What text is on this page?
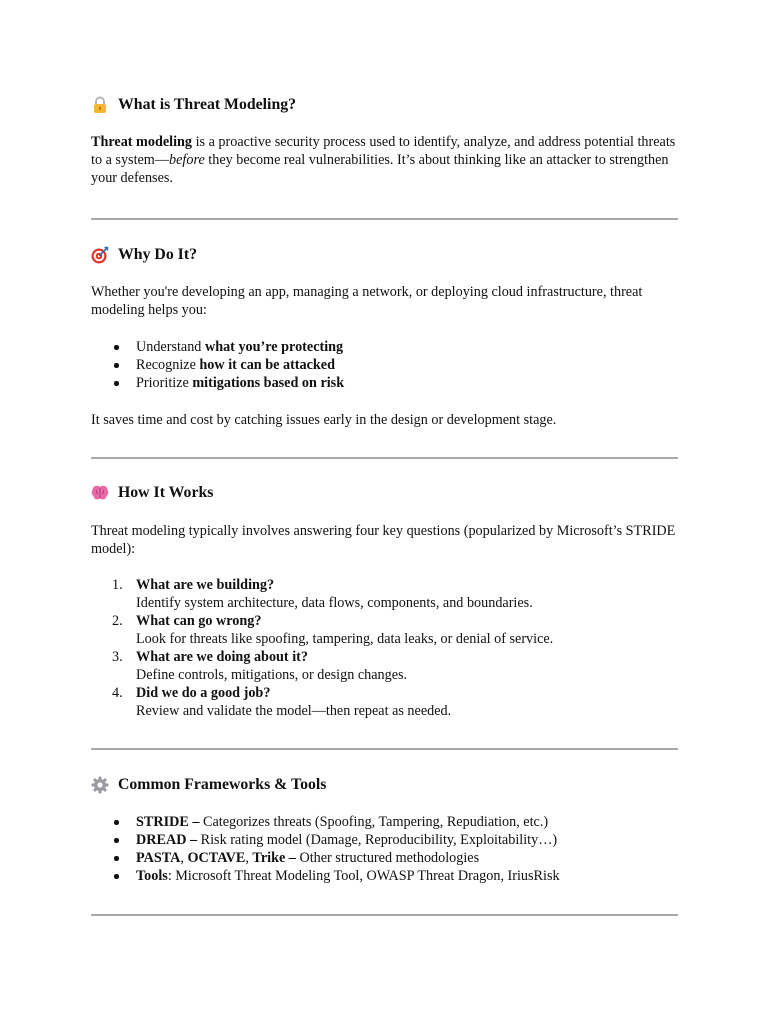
What is Threat Modeling?

Threat modeling is a proactive security process used to identify, analyze, and address potential threats to a system—before they become real vulnerabilities. It’s about thinking like an attacker to strengthen your defenses.

Why Do It?

Whether you're developing an app, managing a network, or deploying cloud infrastructure, threat modeling helps you:

Understand what you’re protecting
Recognize how it can be attacked
Prioritize mitigations based on risk

It saves time and cost by catching issues early in the design or development stage.

How It Works

Threat modeling typically involves answering four key questions (popularized by Microsoft’s STRIDE model):

1. What are we building?
Identify system architecture, data flows, components, and boundaries.
2. What can go wrong?
Look for threats like spoofing, tampering, data leaks, or denial of service.
3. What are we doing about it?
Define controls, mitigations, or design changes.
4. Did we do a good job?
Review and validate the model—then repeat as needed.
Common Frameworks & Tools
STRIDE – Categorizes threats (Spoofing, Tampering, Repudiation, etc.)
DREAD – Risk rating model (Damage, Reproducibility, Exploitability…)
PASTA, OCTAVE, Trike – Other structured methodologies
Tools: Microsoft Threat Modeling Tool, OWASP Threat Dragon, IriusRisk
